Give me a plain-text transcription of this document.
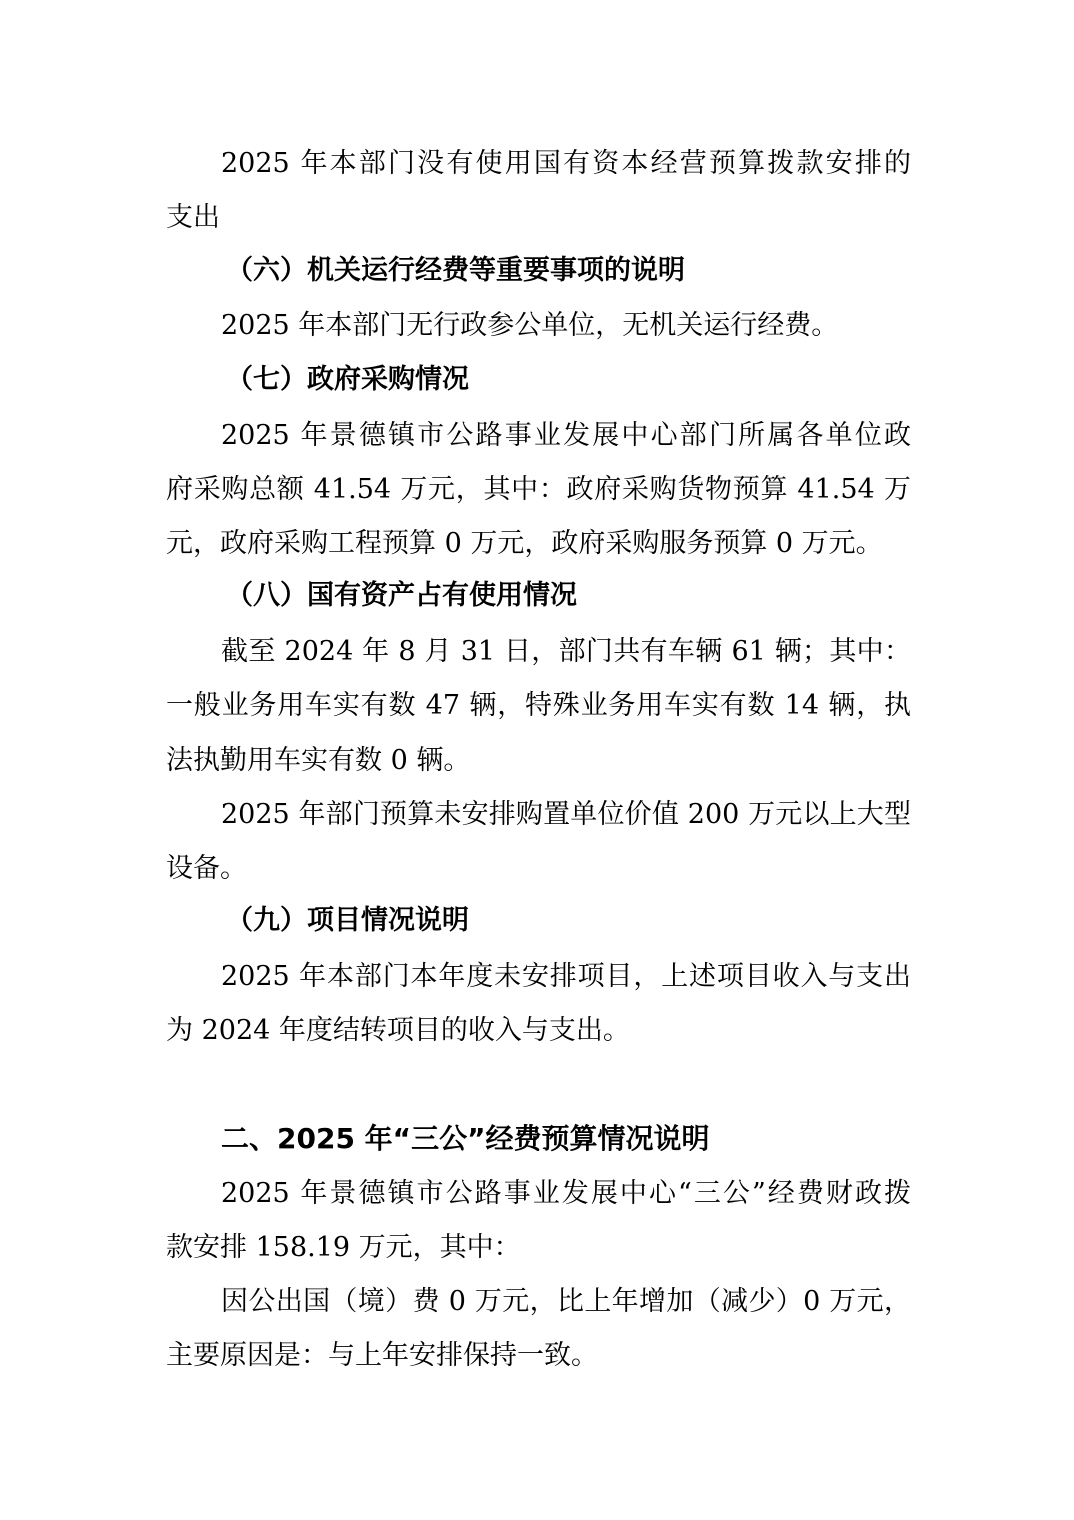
2025 年本部门没有使用国有资本经营预算拨款安排的
支出
（六）机关运行经费等重要事项的说明
2025 年本部门无行政参公单位，无机关运行经费。
（七）政府采购情况
2025 年景德镇市公路事业发展中心部门所属各单位政
府采购总额 41.54 万元，其中：政府采购货物预算 41.54 万
元，政府采购工程预算 0 万元，政府采购服务预算 0 万元。
（八）国有资产占有使用情况
截至 2024 年 8 月 31 日，部门共有车辆 61 辆；其中：
一般业务用车实有数 47 辆，特殊业务用车实有数 14 辆，执
法执勤用车实有数 0 辆。
2025 年部门预算未安排购置单位价值 200 万元以上大型
设备。
（九）项目情况说明
2025 年本部门本年度未安排项目，上述项目收入与支出
为 2024 年度结转项目的收入与支出。
二、2025 年“三公”经费预算情况说明
2025 年景德镇市公路事业发展中心“三公”经费财政拨
款安排 158.19 万元，其中：
因公出国（境）费 0 万元，比上年增加（减少）0 万元，
主要原因是：与上年安排保持一致。
